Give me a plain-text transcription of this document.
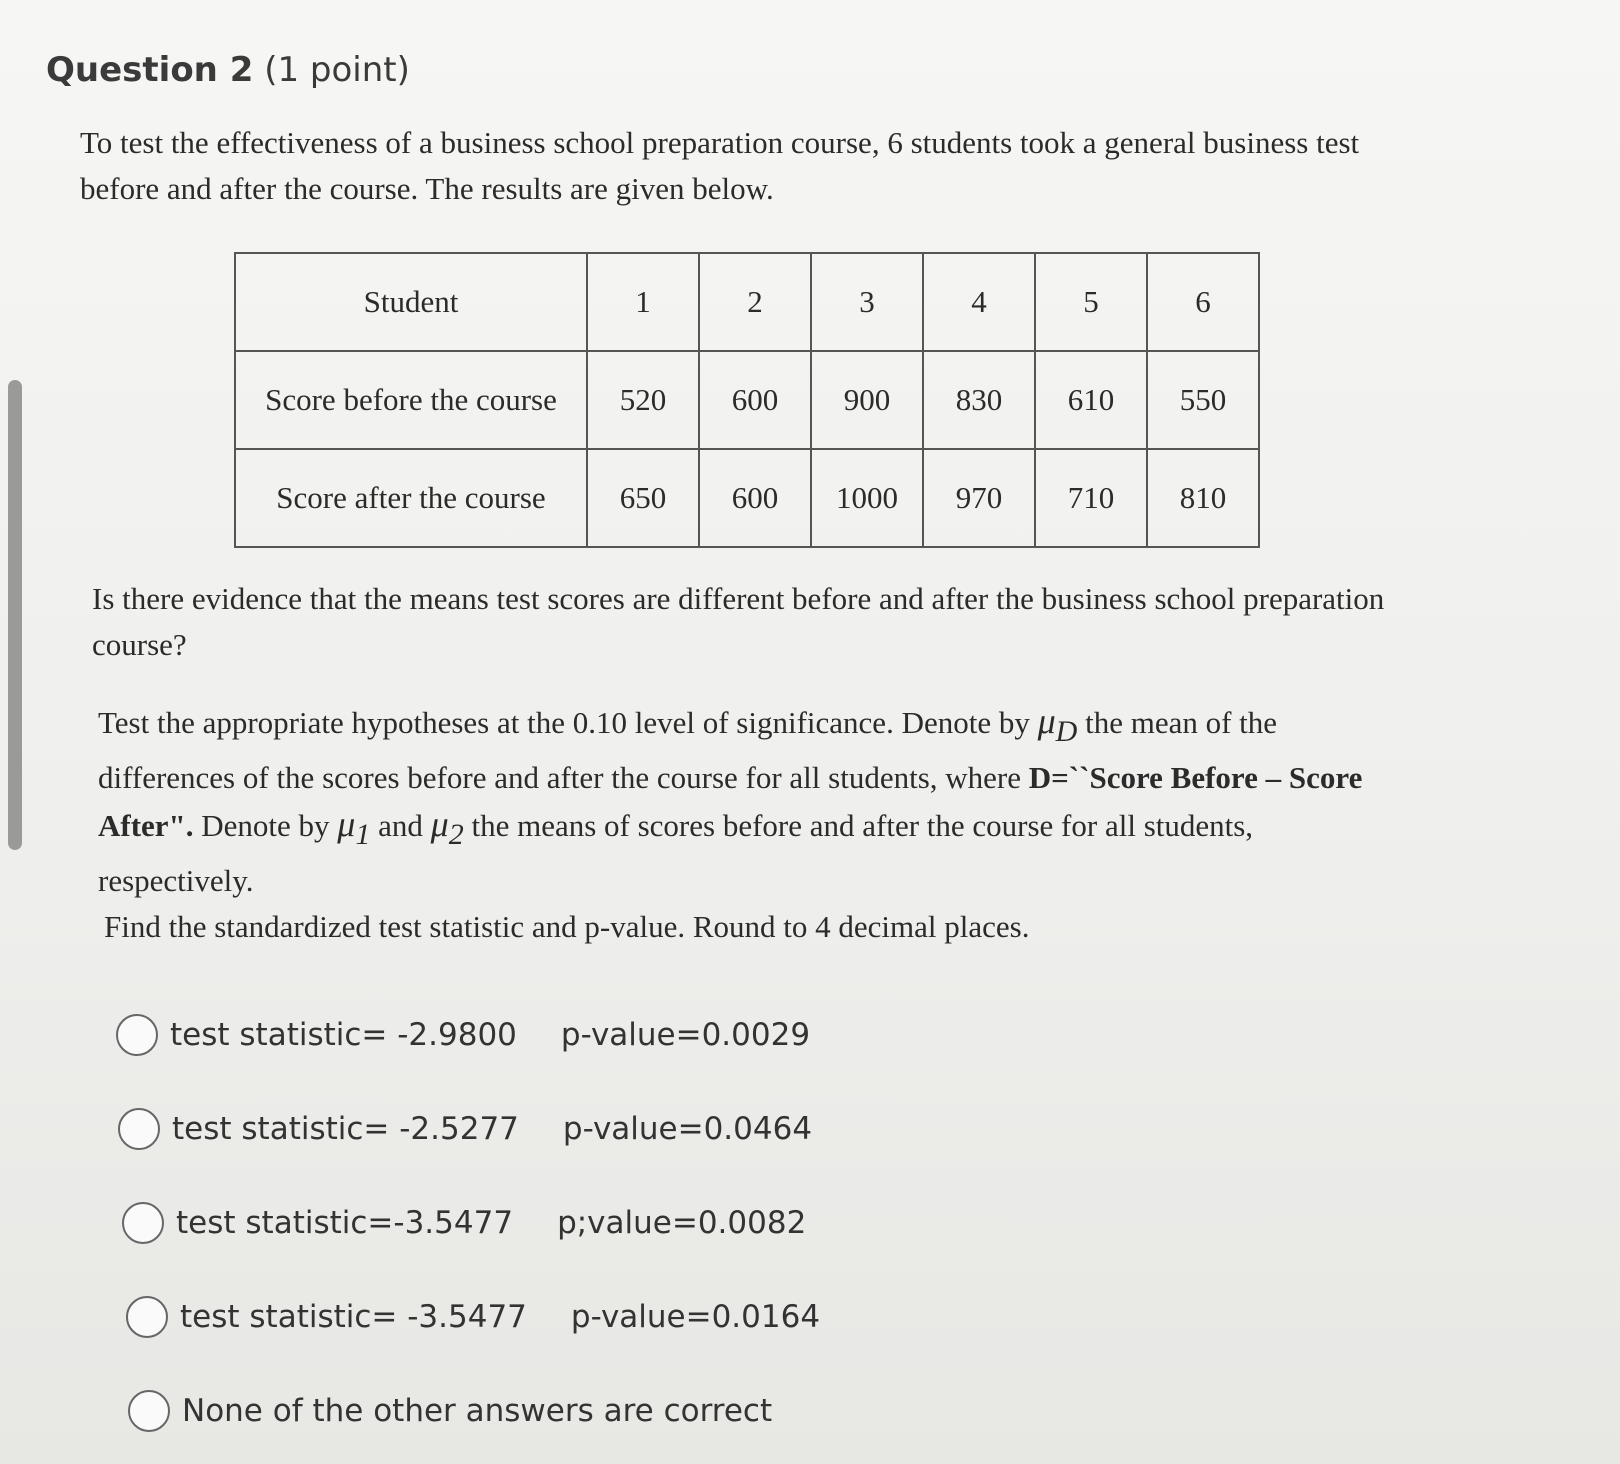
Question 2 (1 point)
To test the effectiveness of a business school preparation course, 6 students took a general business test before and after the course. The results are given below.
Student	1	2	3	4	5	6
Score before the course	520	600	900	830	610	550
Score after the course	650	600	1000	970	710	810
Is there evidence that the means test scores are different before and after the business school preparation course?
Test the appropriate hypotheses at the 0.10 level of significance. Denote by $\mu_D$ the mean of the differences of the scores before and after the course for all students, where D=``Score Before – Score After". Denote by $\mu_1$ and $\mu_2$ the means of scores before and after the course for all students, respectively.
Find the standardized test statistic and p-value. Round to 4 decimal places.
test statistic= -2.9800 p-value=0.0029
test statistic= -2.5277 p-value=0.0464
test statistic=-3.5477 p;value=0.0082
test statistic= -3.5477 p-value=0.0164
None of the other answers are correct
